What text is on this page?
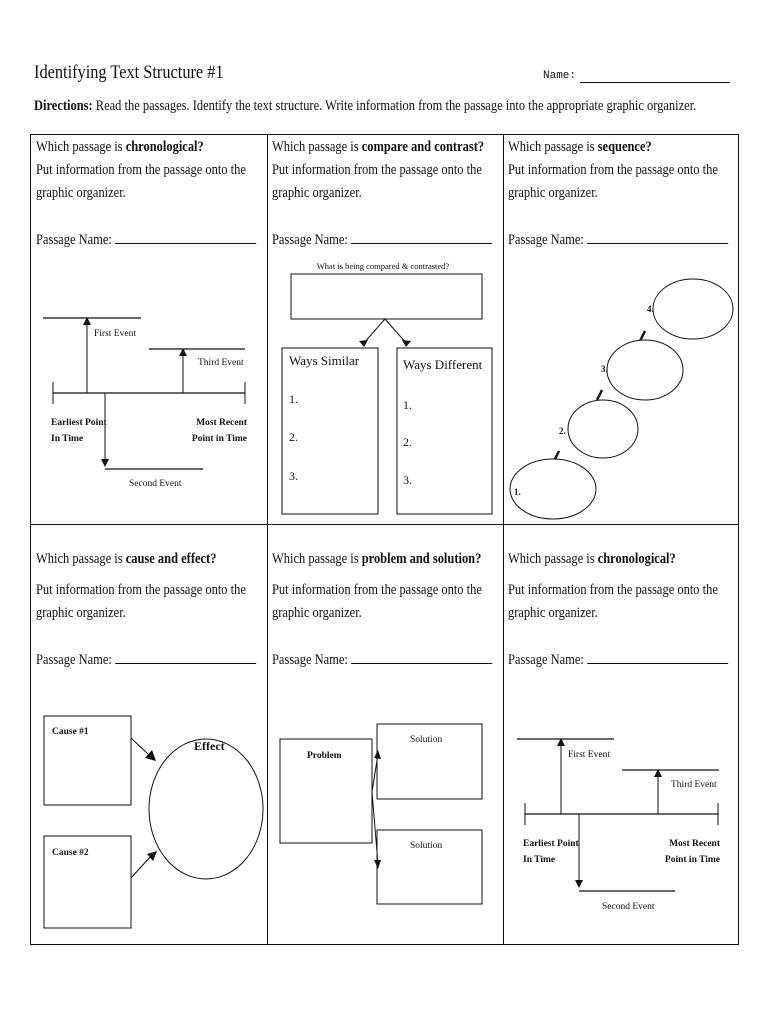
Identifying Text Structure #1	Name:
Directions: Read the passages. Identify the text structure. Write information from the passage into the appropriate graphic organizer.
Which passage is chronological?
Put information from the passage onto the
graphic organizer.
Passage Name:
First Event
Third Event
Second Event
Earliest Point
In Time
Most Recent
Point in Time
Which passage is compare and contrast?
Put information from the passage onto the
graphic organizer.
Passage Name:
What is being compared & contrasted?
Ways Similar	Ways Different
1.
2.
3.
1.
2.
3.
Which passage is sequence?
Put information from the passage onto the
graphic organizer.
Passage Name:
1.
2.
3.
4.
Which passage is cause and effect?
Put information from the passage onto the
graphic organizer.
Passage Name:
Cause #1
Cause #2
Effect
Which passage is problem and solution?
Put information from the passage onto the
graphic organizer.
Passage Name:
Problem
Solution
Solution
Which passage is chronological?
Put information from the passage onto the
graphic organizer.
Passage Name:
First Event
Third Event
Second Event
Earliest Point
In Time
Most Recent
Point in Time
